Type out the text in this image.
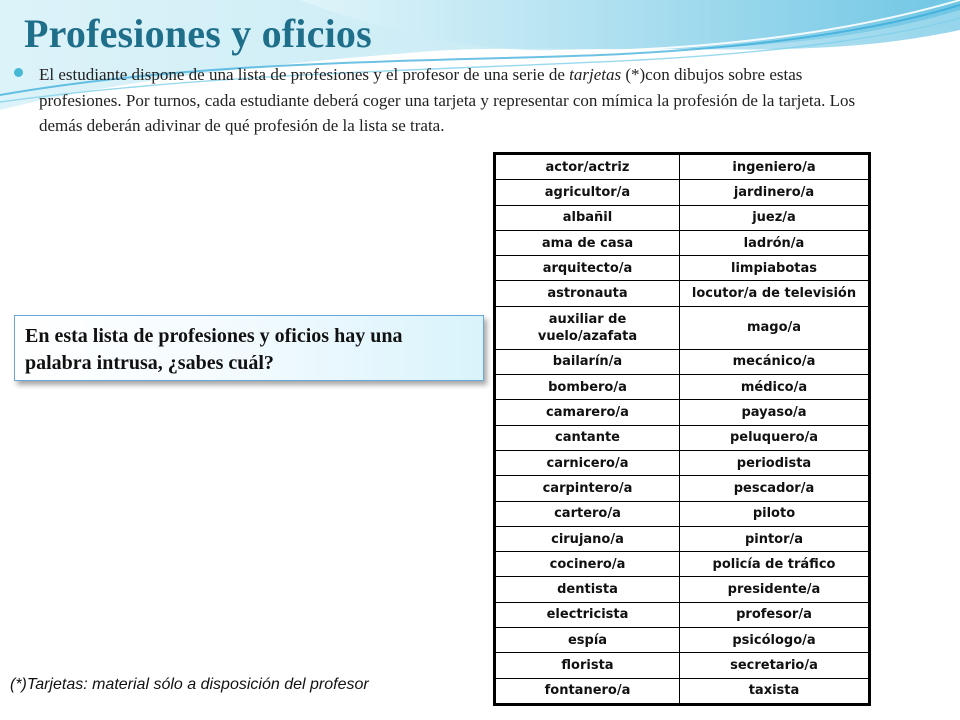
Profesiones y oficios

El estudiante dispone de una lista de profesiones y el profesor de una serie de tarjetas (*)con dibujos sobre estas profesiones. Por turnos, cada estudiante deberá coger una tarjeta y representar con mímica la profesión de la tarjeta. Los demás deberán adivinar de qué profesión de la lista se trata.

En esta lista de profesiones y oficios hay una palabra intrusa, ¿sabes cuál?
actor/actriz	ingeniero/a
agricultor/a	jardinero/a
albañil	juez/a
ama de casa	ladrón/a
arquitecto/a	limpiabotas
astronauta	locutor/a de televisión
auxiliar de vuelo/azafata	mago/a
bailarín/a	mecánico/a
bombero/a	médico/a
camarero/a	payaso/a
cantante	peluquero/a
carnicero/a	periodista
carpintero/a	pescador/a
cartero/a	piloto
cirujano/a	pintor/a
cocinero/a	policía de tráfico
dentista	presidente/a
electricista	profesor/a
espía	psicólogo/a
florista	secretario/a
fontanero/a	taxista
(*)Tarjetas: material sólo a disposición del profesor
